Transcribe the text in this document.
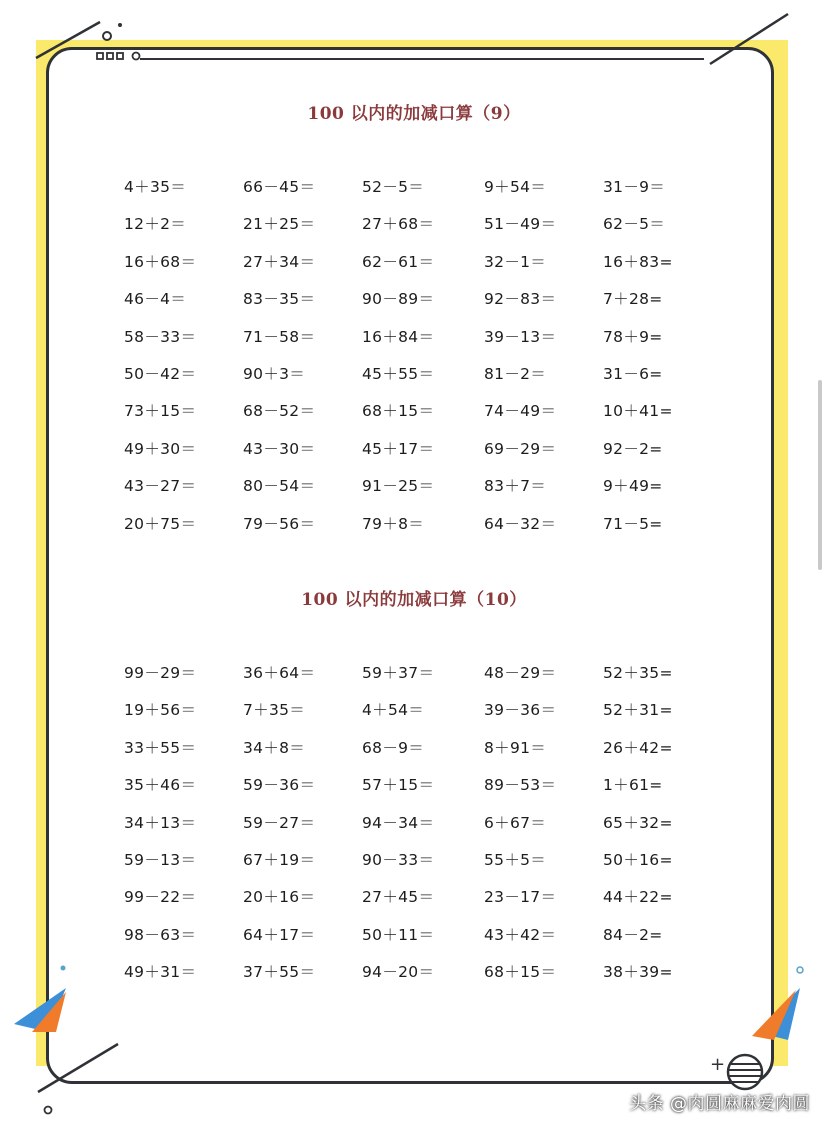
+
100 以内的加减口算（9）
4＋35＝	66－45＝	52－5＝	9＋54＝	31－9＝
12＋2＝	21＋25＝	27＋68＝	51－49＝	62－5＝
16＋68＝	27＋34＝	62－61＝	32－1＝	16＋83=
46－4＝	83－35＝	90－89＝	92－83＝	7＋28=
58－33＝	71－58＝	16＋84＝	39－13＝	78＋9=
50－42＝	90＋3＝	45＋55＝	81－2＝	31－6=
73＋15＝	68－52＝	68＋15＝	74－49＝	10＋41=
49＋30＝	43－30＝	45＋17＝	69－29＝	92－2=
43－27＝	80－54＝	91－25＝	83＋7＝	9＋49=
20＋75＝	79－56＝	79＋8＝	64－32＝	71－5=
100 以内的加减口算（10）
99－29＝	36＋64＝	59＋37＝	48－29＝	52＋35=
19＋56＝	7＋35＝	4＋54＝	39－36＝	52＋31=
33＋55＝	34＋8＝	68－9＝	8＋91＝	26＋42=
35＋46＝	59－36＝	57＋15＝	89－53＝	1＋61=
34＋13＝	59－27＝	94－34＝	6＋67＝	65＋32=
59－13＝	67＋19＝	90－33＝	55＋5＝	50＋16=
99－22＝	20＋16＝	27＋45＝	23－17＝	44＋22=
98－63＝	64＋17＝	50＋11＝	43＋42＝	84－2=
49＋31＝	37＋55＝	94－20＝	68＋15＝	38＋39=
头条 @肉圆麻麻爱肉圆
